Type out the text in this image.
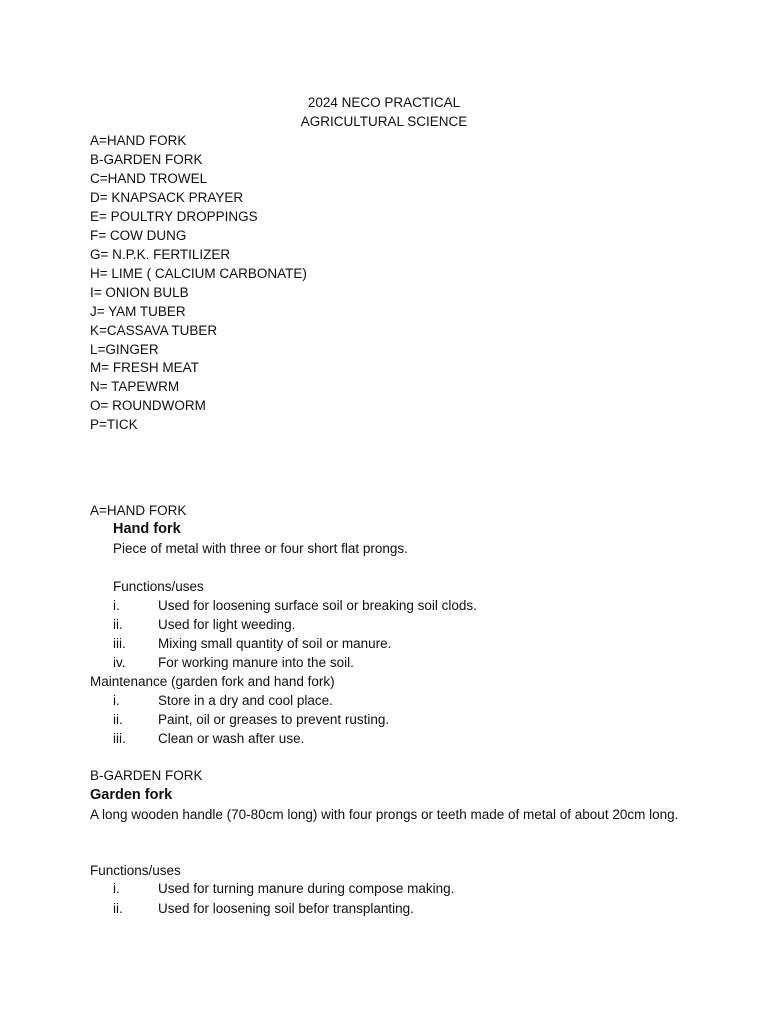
2024 NECO PRACTICAL
AGRICULTURAL SCIENCE
A=HAND FORK
B-GARDEN FORK
C=HAND TROWEL
D= KNAPSACK PRAYER
E= POULTRY DROPPINGS
F= COW DUNG
G= N.P.K. FERTILIZER
H= LIME ( CALCIUM CARBONATE)
I= ONION BULB
J= YAM TUBER
K=CASSAVA TUBER
L=GINGER
M= FRESH MEAT
N= TAPEWRM
O= ROUNDWORM
P=TICK
A=HAND FORK
Hand fork
Piece of metal with three or four short flat prongs.
Functions/uses
i.	Used for loosening surface soil or breaking soil clods.
ii.	Used for light weeding.
iii. Mixing small quantity of soil or manure.
iv. For working manure into the soil.
Maintenance (garden fork and hand fork)
i.	Store in a dry and cool place.
ii.	Paint, oil or greases to prevent rusting.
iii. Clean or wash after use.
B-GARDEN FORK
Garden fork
A long wooden handle (70-80cm long) with four prongs or teeth made of metal of about 20cm long.
Functions/uses
i.	Used for turning manure during compose making.
ii.	Used for loosening soil befor transplanting.
